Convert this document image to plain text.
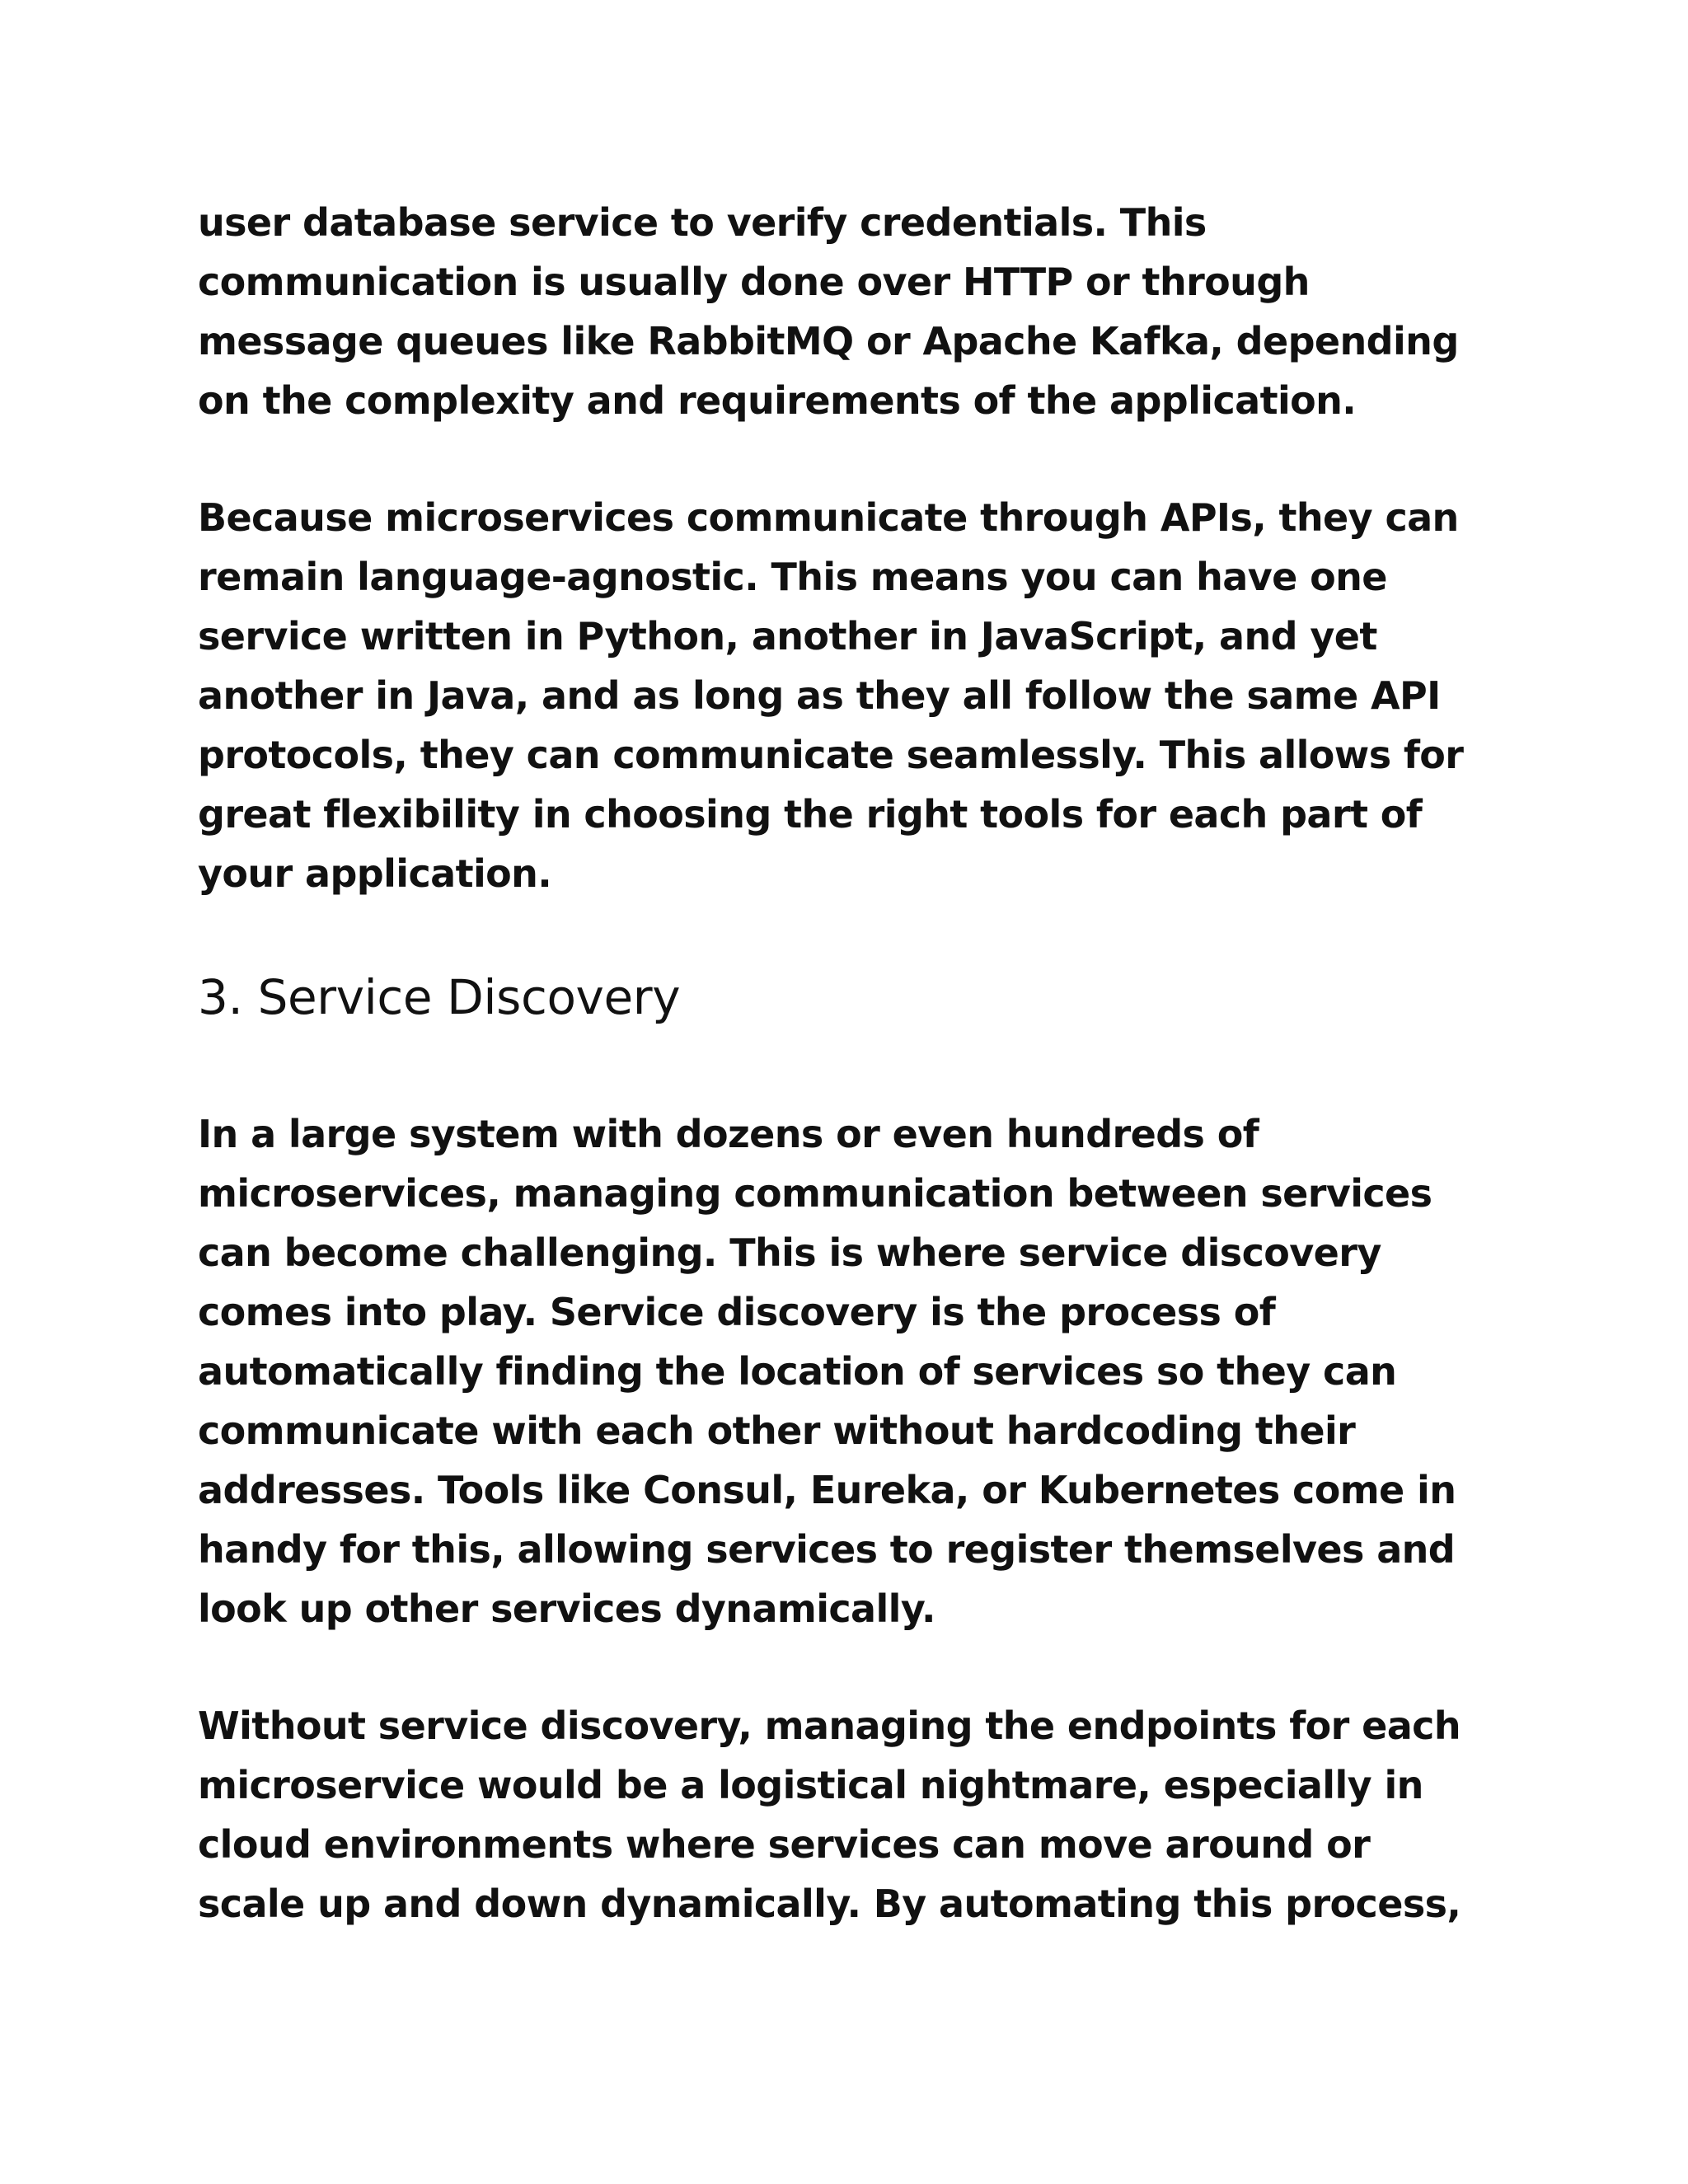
user database service to verify credentials. This
communication is usually done over HTTP or through
message queues like RabbitMQ or Apache Kafka, depending
on the complexity and requirements of the application.

Because microservices communicate through APIs, they can
remain language-agnostic. This means you can have one
service written in Python, another in JavaScript, and yet
another in Java, and as long as they all follow the same API
protocols, they can communicate seamlessly. This allows for
great flexibility in choosing the right tools for each part of
your application.

3. Service Discovery

In a large system with dozens or even hundreds of
microservices, managing communication between services
can become challenging. This is where service discovery
comes into play. Service discovery is the process of
automatically finding the location of services so they can
communicate with each other without hardcoding their
addresses. Tools like Consul, Eureka, or Kubernetes come in
handy for this, allowing services to register themselves and
look up other services dynamically.

Without service discovery, managing the endpoints for each
microservice would be a logistical nightmare, especially in
cloud environments where services can move around or
scale up and down dynamically. By automating this process,
